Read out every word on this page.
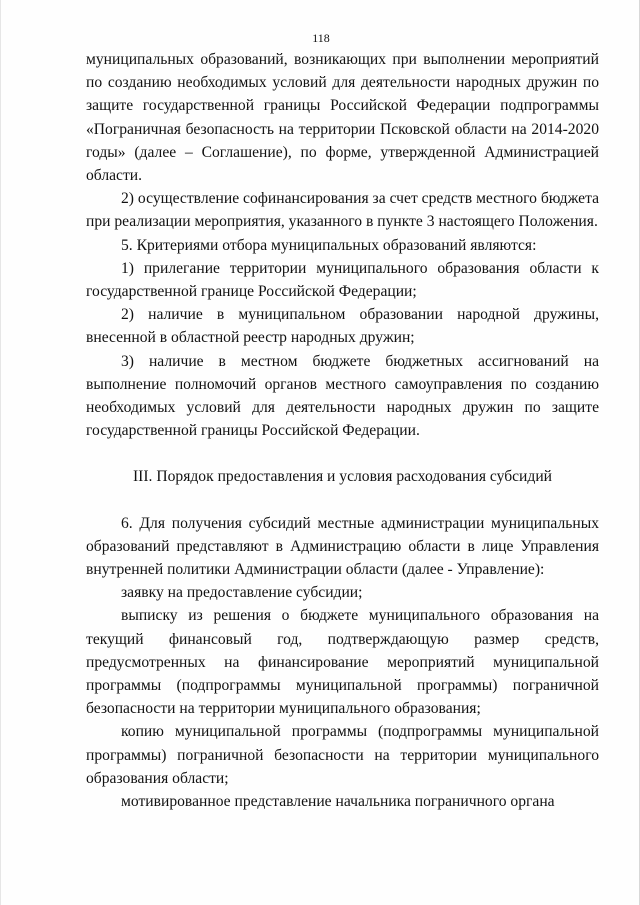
118

муниципальных образований, возникающих при выполнении мероприятий по созданию необходимых условий для деятельности народных дружин по защите государственной границы Российской Федерации подпрограммы «Пограничная безопасность на территории Псковской области на 2014-2020 годы» (далее – Соглашение), по форме, утвержденной Администрацией области.

2) осуществление софинансирования за счет средств местного бюджета при реализации мероприятия, указанного в пункте 3 настоящего Положения.

5. Критериями отбора муниципальных образований являются:

1) прилегание территории муниципального образования области к государственной границе Российской Федерации;

2) наличие в муниципальном образовании народной дружины, внесенной в областной реестр народных дружин;

3) наличие в местном бюджете бюджетных ассигнований на выполнение полномочий органов местного самоуправления по созданию необходимых условий для деятельности народных дружин по защите государственной границы Российской Федерации.

III. Порядок предоставления и условия расходования субсидий

6. Для получения субсидий местные администрации муниципальных образований представляют в Администрацию области в лице Управления внутренней политики Администрации области (далее - Управление):

заявку на предоставление субсидии;

выписку из решения о бюджете муниципального образования на текущий финансовый год, подтверждающую размер средств, предусмотренных на финансирование мероприятий муниципальной программы (подпрограммы муниципальной программы) пограничной безопасности на территории муниципального образования;

копию муниципальной программы (подпрограммы муниципальной программы) пограничной безопасности на территории муниципального образования области;

мотивированное представление начальника пограничного органа
